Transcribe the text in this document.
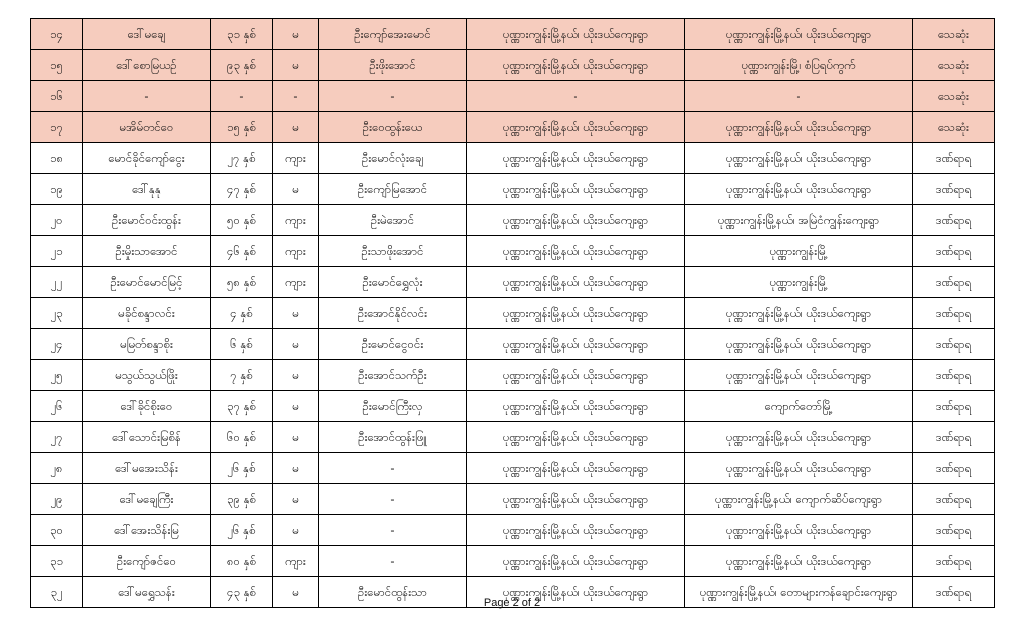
၁၄	ဒေါ်မချေ	၃၁ နှစ်	မ	ဦးကျော်အေးမောင်	ပုဏ္ဏားကျွန်းမြို့နယ်၊ ယိုးဒယ်ကျေးရွာ	ပုဏ္ဏားကျွန်းမြို့နယ်၊ ယိုးဒယ်ကျေးရွာ	သေဆုံး
၁၅	ဒေါ်စောမြယဉ်	၉၃ နှစ်	မ	ဦးဖိုးအောင်	ပုဏ္ဏားကျွန်းမြို့နယ်၊ ယိုးဒယ်ကျေးရွာ	ပုဏ္ဏားကျွန်းမြို့၊ စံပြရပ်ကွက်	သေဆုံး
၁၆	-	-	-	-	-	-	သေဆုံး
၁၇	မအိမ်တင်ဝေ	၁၅ နှစ်	မ	ဦးဝေထွန်းယေ	ပုဏ္ဏားကျွန်းမြို့နယ်၊ ယိုးဒယ်ကျေးရွာ	ပုဏ္ဏားကျွန်းမြို့နယ်၊ ယိုးဒယ်ကျေးရွာ	သေဆုံး
၁၈	မောင်ခိုင်ကျော်ငွေး	၂၇ နှစ်	ကျား	ဦးမောင်လုံးချေ	ပုဏ္ဏားကျွန်းမြို့နယ်၊ ယိုးဒယ်ကျေးရွာ	ပုဏ္ဏားကျွန်းမြို့နယ်၊ ယိုးဒယ်ကျေးရွာ	ဒဏ်ရာရ
၁၉	ဒေါ်နုနု	၄၇ နှစ်	မ	ဦးကျော်မြအောင်	ပုဏ္ဏားကျွန်းမြို့နယ်၊ ယိုးဒယ်ကျေးရွာ	ပုဏ္ဏားကျွန်းမြို့နယ်၊ ယိုးဒယ်ကျေးရွာ	ဒဏ်ရာရ
၂၀	ဦးမောင်ဝင်းထွန်း	၅၀ နှစ်	ကျား	ဦးမဲအောင်	ပုဏ္ဏားကျွန်းမြို့နယ်၊ ယိုးဒယ်ကျေးရွာ	ပုဏ္ဏားကျွန်းမြို့နယ်၊ အမြဲငံကျွန်းကျေးရွာ	ဒဏ်ရာရ
၂၁	ဦးမှိုးသာအောင်	၄၆ နှစ်	ကျား	ဦးသာဖိုးအောင်	ပုဏ္ဏားကျွန်းမြို့နယ်၊ ယိုးဒယ်ကျေးရွာ	ပုဏ္ဏားကျွန်းမြို့	ဒဏ်ရာရ
၂၂	ဦးမောင်မောင်မြင့်	၅၈ နှစ်	ကျား	ဦးမောင်ရွှေလုံး	ပုဏ္ဏားကျွန်းမြို့နယ်၊ ယိုးဒယ်ကျေးရွာ	ပုဏ္ဏားကျွန်းမြို့	ဒဏ်ရာရ
၂၃	မခိုင်စန္ဒာလင်း	၄ နှစ်	မ	ဦးအောင်နိုင်လင်း	ပုဏ္ဏားကျွန်းမြို့နယ်၊ ယိုးဒယ်ကျေးရွာ	ပုဏ္ဏားကျွန်းမြို့နယ်၊ ယိုးဒယ်ကျေးရွာ	ဒဏ်ရာရ
၂၄	မမြတ်စန္ဒာစိုး	၆ နှစ်	မ	ဦးမောင်ငွေဝင်း	ပုဏ္ဏားကျွန်းမြို့နယ်၊ ယိုးဒယ်ကျေးရွာ	ပုဏ္ဏားကျွန်းမြို့နယ်၊ ယိုးဒယ်ကျေးရွာ	ဒဏ်ရာရ
၂၅	မသွယ်သွယ်ဖြိုး	၇ နှစ်	မ	ဦးအောင်သက်ဦး	ပုဏ္ဏားကျွန်းမြို့နယ်၊ ယိုးဒယ်ကျေးရွာ	ပုဏ္ဏားကျွန်းမြို့နယ်၊ ယိုးဒယ်ကျေးရွာ	ဒဏ်ရာရ
၂၆	ဒေါ်ခိုင်စိုးဝေ	၃၇ နှစ်	မ	ဦးမောင်ကြီးလှ	ပုဏ္ဏားကျွန်းမြို့နယ်၊ ယိုးဒယ်ကျေးရွာ	ကျောက်တော်မြို့	ဒဏ်ရာရ
၂၇	ဒေါ်သောင်းမြစိန်	၆၀ နှစ်	မ	ဦးအောင်ထွန်းဖြူ	ပုဏ္ဏားကျွန်းမြို့နယ်၊ ယိုးဒယ်ကျေးရွာ	ပုဏ္ဏားကျွန်းမြို့နယ်၊ ယိုးဒယ်ကျေးရွာ	ဒဏ်ရာရ
၂၈	ဒေါ်မအေးသိန်း	၂၆ နှစ်	မ	-	ပုဏ္ဏားကျွန်းမြို့နယ်၊ ယိုးဒယ်ကျေးရွာ	ပုဏ္ဏားကျွန်းမြို့နယ်၊ ယိုးဒယ်ကျေးရွာ	ဒဏ်ရာရ
၂၉	ဒေါ်မချေကြီး	၃၉ နှစ်	မ	-	ပုဏ္ဏားကျွန်းမြို့နယ်၊ ယိုးဒယ်ကျေးရွာ	ပုဏ္ဏားကျွန်းမြို့နယ်၊ ကျောက်ဆိပ်ကျေးရွာ	ဒဏ်ရာရ
၃၀	ဒေါ်အေးသိန်းမြ	၂၆ နှစ်	မ	-	ပုဏ္ဏားကျွန်းမြို့နယ်၊ ယိုးဒယ်ကျေးရွာ	ပုဏ္ဏားကျွန်းမြို့နယ်၊ ယိုးဒယ်ကျေးရွာ	ဒဏ်ရာရ
၃၁	ဦးကျော်ဇင်ဝေ	၈၀ နှစ်	ကျား	-	ပုဏ္ဏားကျွန်းမြို့နယ်၊ ယိုးဒယ်ကျေးရွာ	ပုဏ္ဏားကျွန်းမြို့နယ်၊ ယိုးဒယ်ကျေးရွာ	ဒဏ်ရာရ
၃၂	ဒေါ်မရွှေသန်း	၄၃ နှစ်	မ	ဦးမောင်ထွန်းသာ	ပုဏ္ဏားကျွန်းမြို့နယ်၊ ယိုးဒယ်ကျေးရွာ	ပုဏ္ဏားကျွန်းမြို့နယ်၊ တောများကန်ချောင်းကျေးရွာ	ဒဏ်ရာရ
Page 2 of 2
